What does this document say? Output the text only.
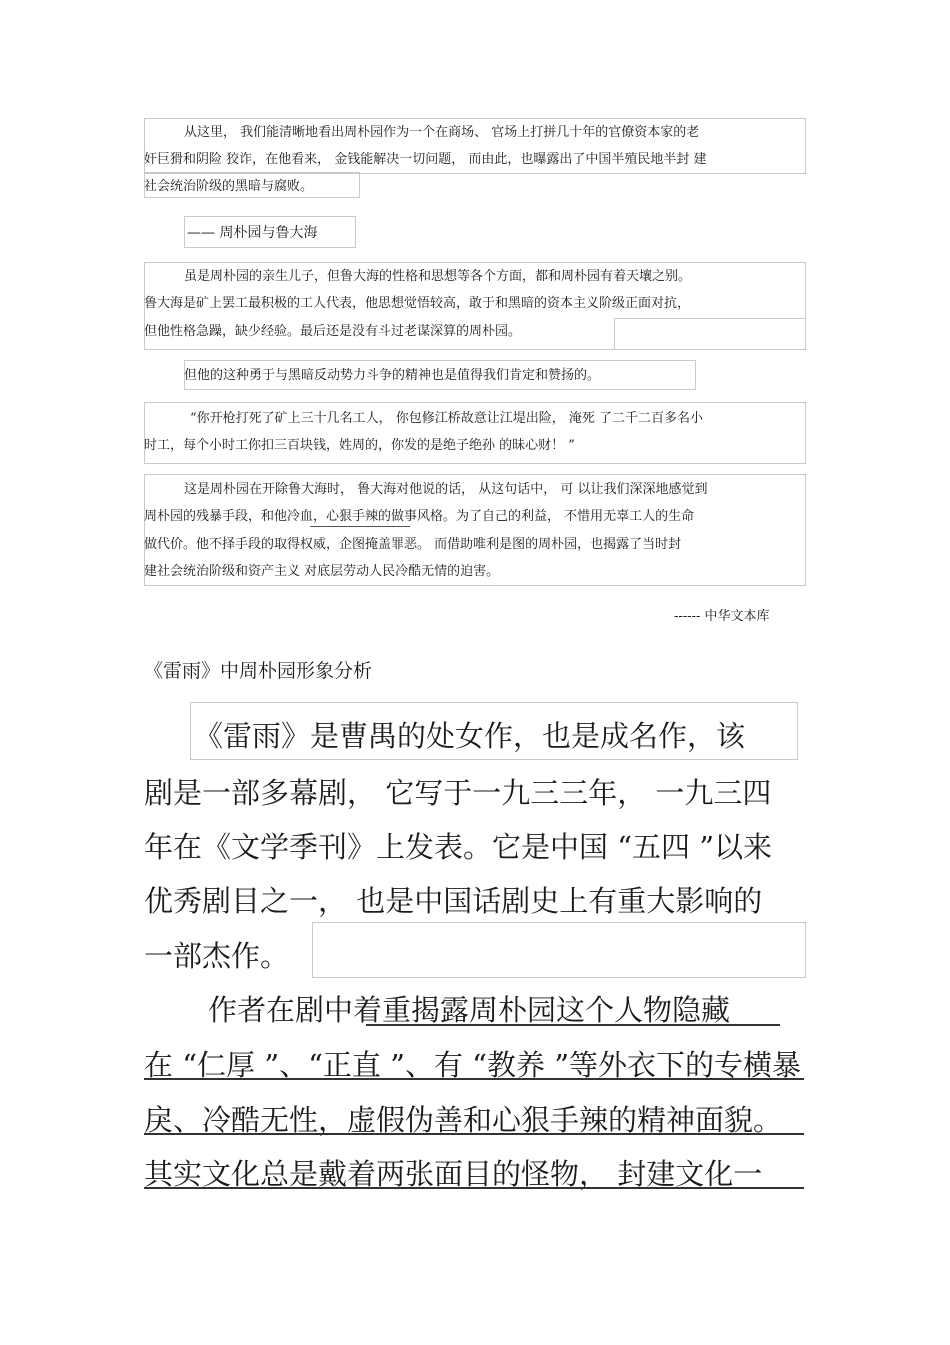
从这里， 我们能清晰地看出周朴园作为一个在商场、 官场上打拼几十年的官僚资本家的老
奸巨猾和阴险 狡诈，在他看来， 金钱能解决一切问题， 而由此，也曝露出了中国半殖民地半封 建
社会统治阶级的黑暗与腐败。
—— 周朴园与鲁大海
虽是周朴园的亲生儿子，但鲁大海的性格和思想等各个方面，都和周朴园有着天壤之别。
鲁大海是矿上罢工最积极的工人代表，他思想觉悟较高，敢于和黑暗的资本主义阶级正面对抗，
但他性格急躁，缺少经验。最后还是没有斗过老谋深算的周朴园。
但他的这种勇于与黑暗反动势力斗争的精神也是值得我们肯定和赞扬的。
“你开枪打死了矿上三十几名工人， 你包修江桥故意让江堤出险， 淹死 了二千二百多名小
时工，每个小时工你扣三百块钱，姓周的，你发的是绝子绝孙 的昧心财！ ”
这是周朴园在开除鲁大海时， 鲁大海对他说的话， 从这句话中， 可 以让我们深深地感觉到
周朴园的残暴手段，和他冷血，心狠手辣的做事风格。为了自己的利益， 不惜用无辜工人的生命
做代价。他不择手段的取得权威，企图掩盖罪恶。 而借助唯利是图的周朴园，也揭露了当时封
建社会统治阶级和资产主义 对底层劳动人民冷酷无情的迫害。
------ 中华文本库
《雷雨》中周朴园形象分析
《雷雨》是曹禺的处女作，也是成名作，该
剧是一部多幕剧， 它写于一九三三年， 一九三四
年在《文学季刊》上发表。它是中国 “五四 ”以来
优秀剧目之一， 也是中国话剧史上有重大影响的
一部杰作。
作者在剧中着重揭露周朴园这个人物隐藏
在 “仁厚 ”、“正直 ”、有 “教养 ”等外衣下的专横暴
戾、冷酷无性，虚假伪善和心狠手辣的精神面貌。
其实文化总是戴着两张面目的怪物， 封建文化一
